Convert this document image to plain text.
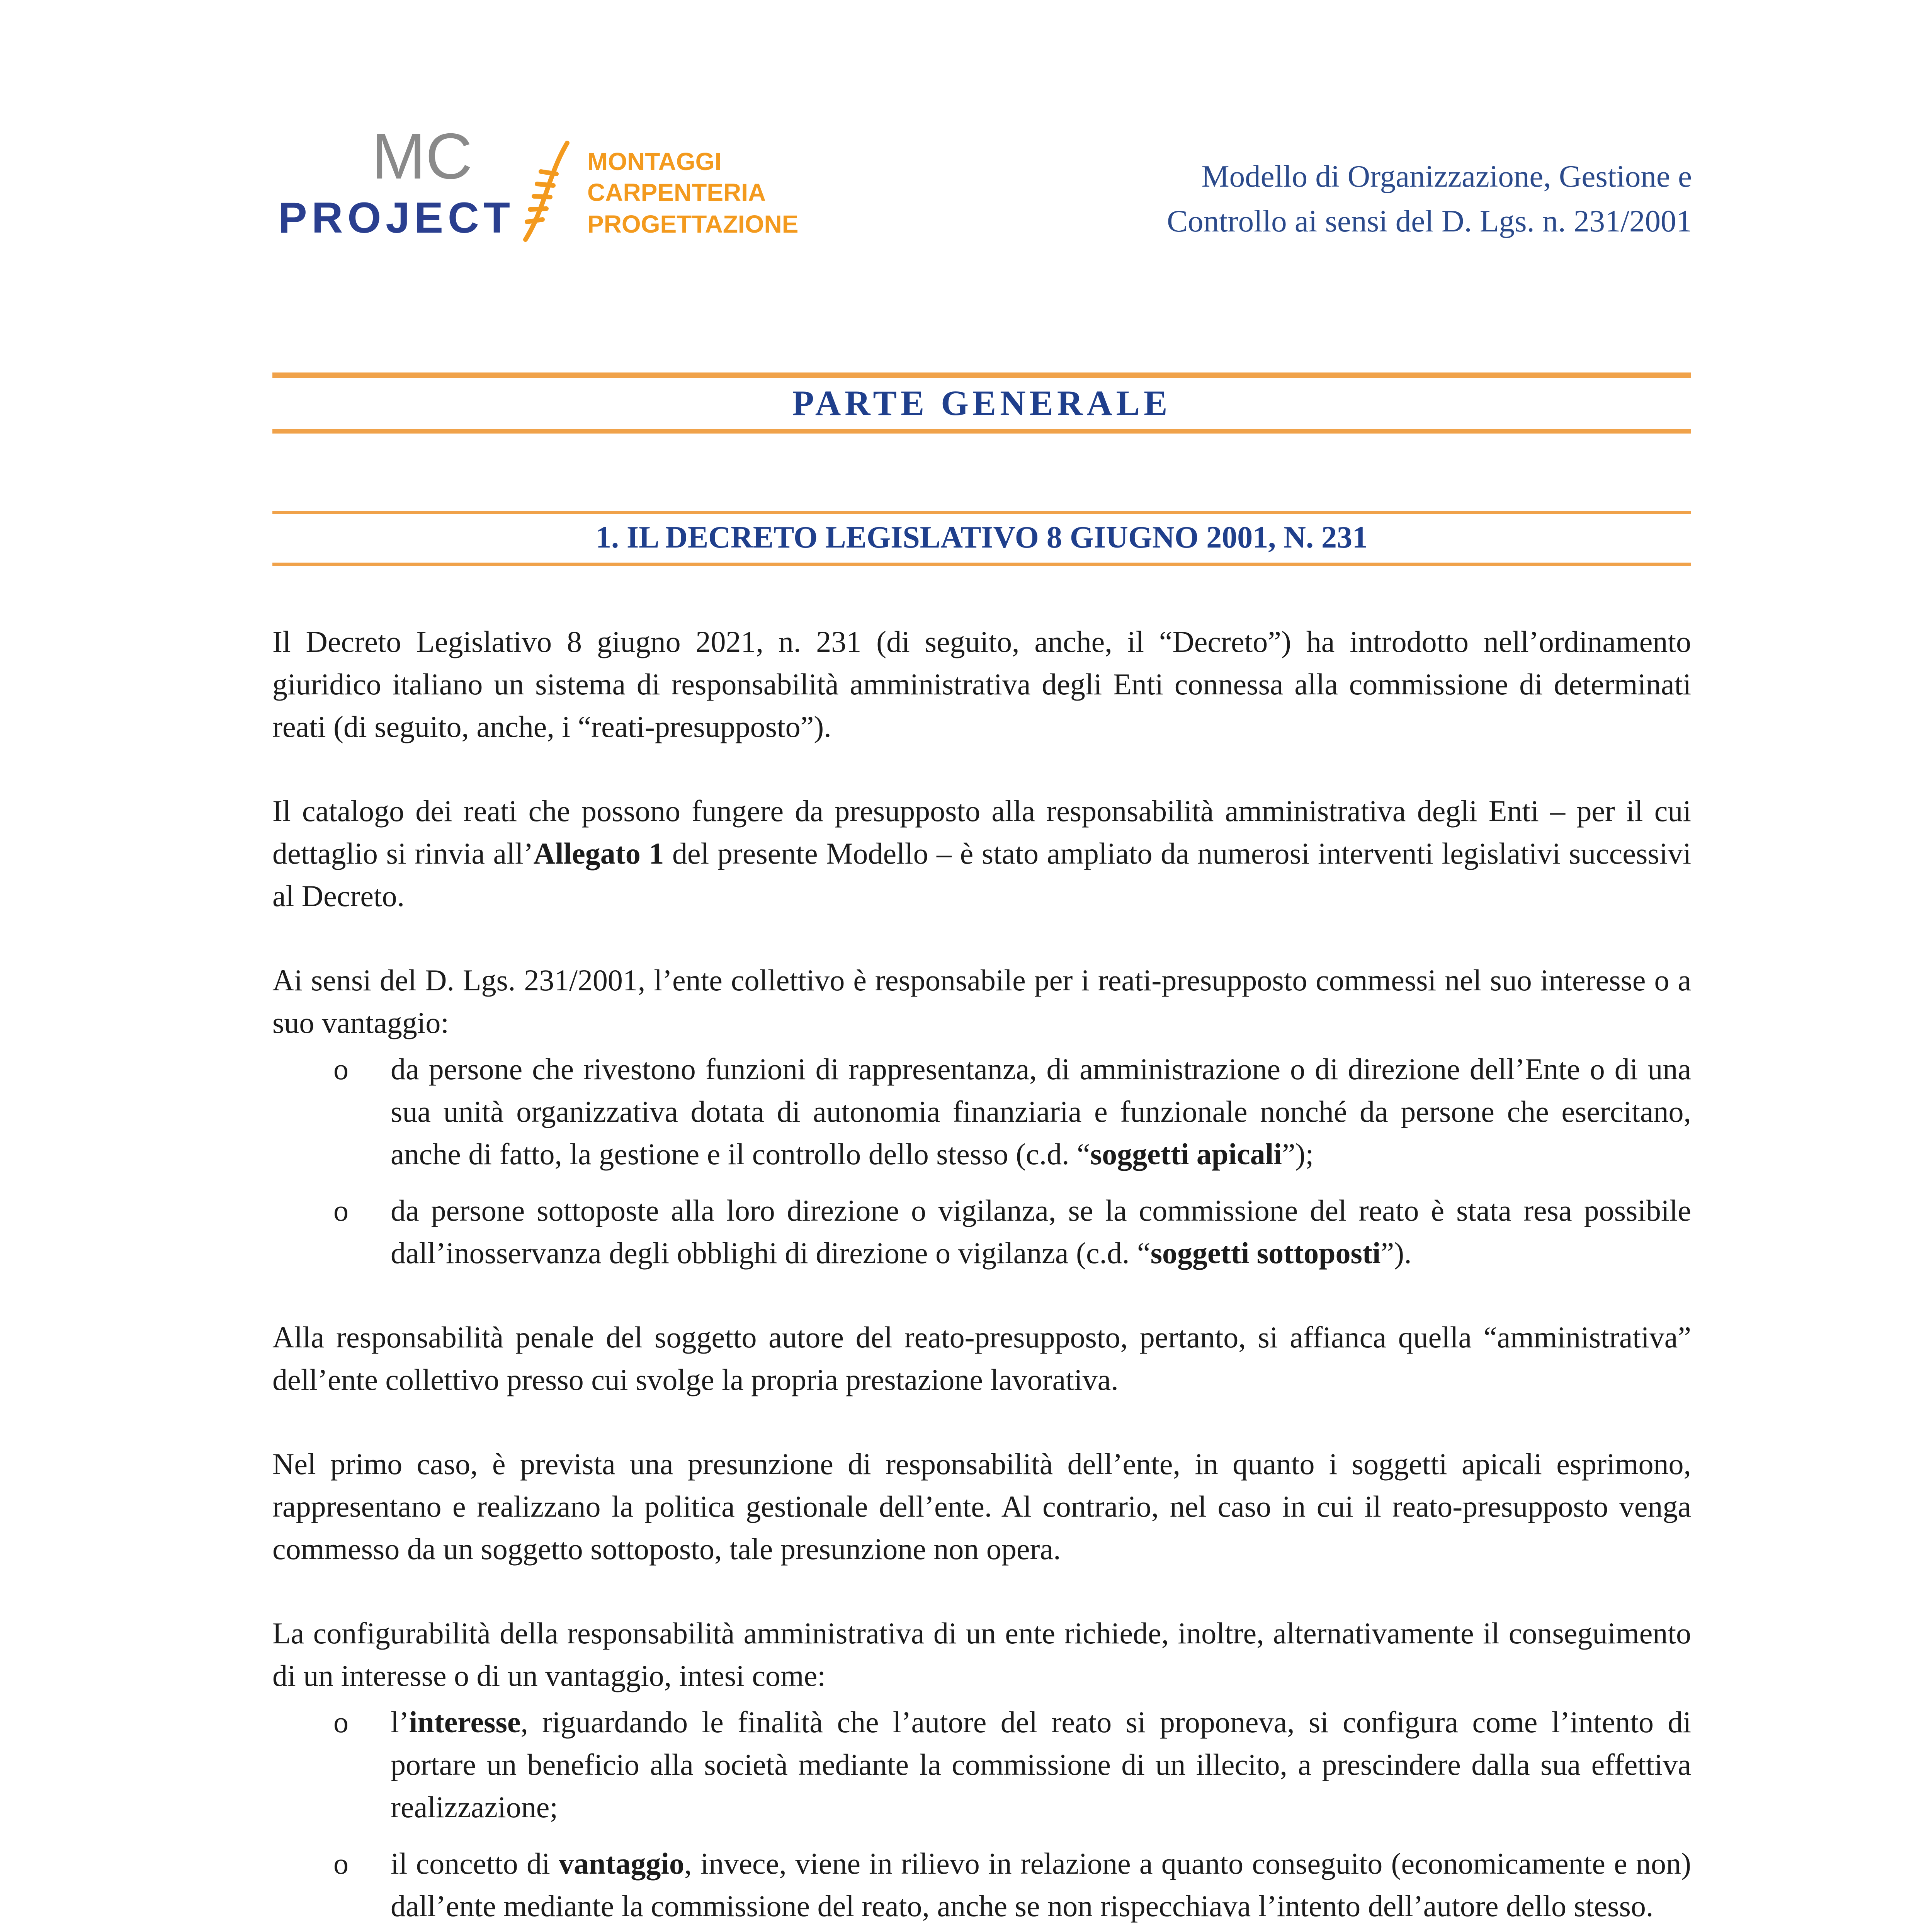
MC
PROJECT
MONTAGGI
CARPENTERIA
PROGETTAZIONE
Modello di Organizzazione, Gestione e
Controllo ai sensi del D. Lgs. n. 231/2001
PARTE GENERALE
1. IL DECRETO LEGISLATIVO 8 GIUGNO 2001, N. 231

Il Decreto Legislativo 8 giugno 2021, n. 231 (di seguito, anche, il “Decreto”) ha introdotto nell’ordinamento giuridico italiano un sistema di responsabilità amministrativa degli Enti connessa alla commissione di determinati reati (di seguito, anche, i “reati-presupposto”).

Il catalogo dei reati che possono fungere da presupposto alla responsabilità amministrativa degli Enti – per il cui dettaglio si rinvia all’Allegato 1 del presente Modello – è stato ampliato da numerosi interventi legislativi successivi al Decreto.

Ai sensi del D. Lgs. 231/2001, l’ente collettivo è responsabile per i reati-presupposto commessi nel suo interesse o a suo vantaggio:

o da persone che rivestono funzioni di rappresentanza, di amministrazione o di direzione dell’Ente o di una sua unità organizzativa dotata di autonomia finanziaria e funzionale nonché da persone che esercitano, anche di fatto, la gestione e il controllo dello stesso (c.d. “soggetti apicali”);
o da persone sottoposte alla loro direzione o vigilanza, se la commissione del reato è stata resa possibile dall’inosservanza degli obblighi di direzione o vigilanza (c.d. “soggetti sottoposti”).

Alla responsabilità penale del soggetto autore del reato-presupposto, pertanto, si affianca quella “amministrativa” dell’ente collettivo presso cui svolge la propria prestazione lavorativa.

Nel primo caso, è prevista una presunzione di responsabilità dell’ente, in quanto i soggetti apicali esprimono, rappresentano e realizzano la politica gestionale dell’ente. Al contrario, nel caso in cui il reato-presupposto venga commesso da un soggetto sottoposto, tale presunzione non opera.

La configurabilità della responsabilità amministrativa di un ente richiede, inoltre, alternativamente il conseguimento di un interesse o di un vantaggio, intesi come:

o l’interesse, riguardando le finalità che l’autore del reato si proponeva, si configura come l’intento di portare un beneficio alla società mediante la commissione di un illecito, a prescindere dalla sua effettiva realizzazione;
o il concetto di vantaggio, invece, viene in rilievo in relazione a quanto conseguito (economicamente e non) dall’ente mediante la commissione del reato, anche se non rispecchiava l’intento dell’autore dello stesso.
